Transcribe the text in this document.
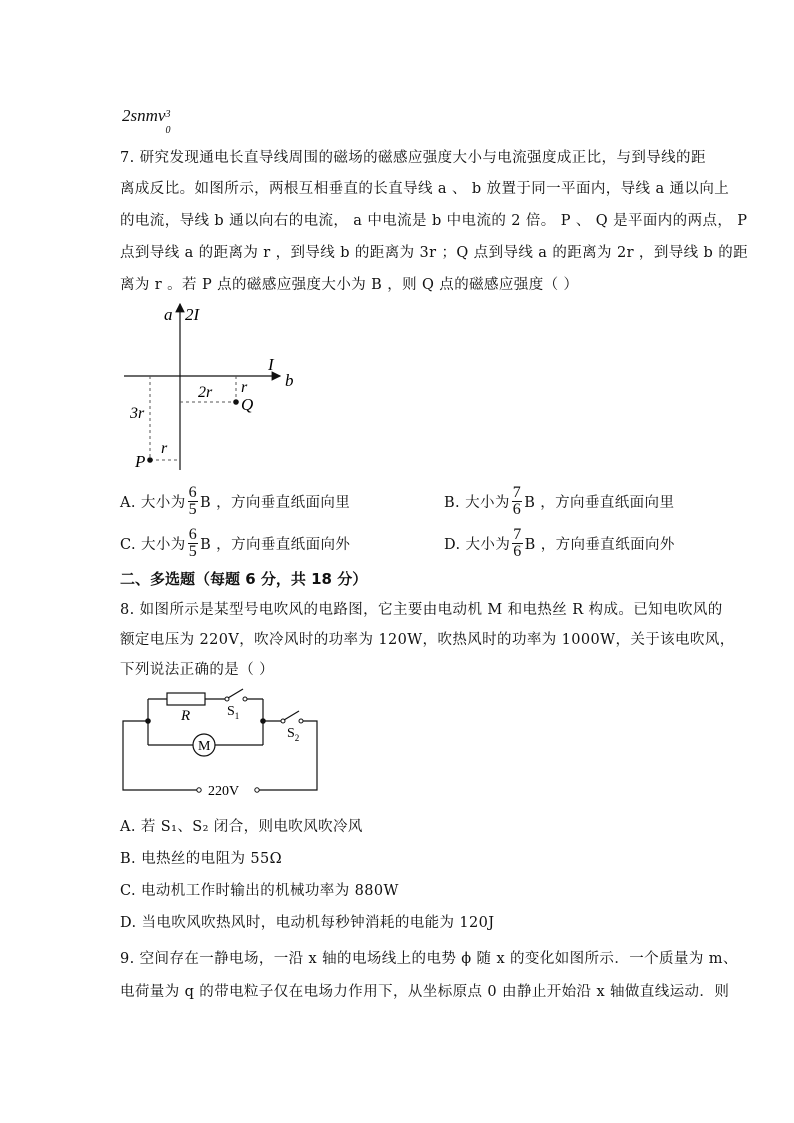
2snmv 3
0
7. 研究发现通电长直导线周围的磁场的磁感应强度大小与电流强度成正比，与到导线的距
离成反比。如图所示，两根互相垂直的长直导线 a 、 b 放置于同一平面内，导线 a 通以向上
的电流，导线 b 通以向右的电流， a 中电流是 b 中电流的 2 倍。 P 、 Q 是平面内的两点， P
点到导线 a 的距离为 r ，到导线 b 的距离为 3r ；Q 点到导线 a 的距离为 2r ，到导线 b 的距
离为 r 。若 P 点的磁感应强度大小为 B ，则 Q 点的磁感应强度（ ）
a 2I
I
b
2r r
Q
3r
r
P
A. 大小为 $\frac{6}{5}$ B ，方向垂直纸面向里	B. 大小为 $\frac{7}{6}$ B ，方向垂直纸面向里
C. 大小为 $\frac{6}{5}$ B ，方向垂直纸面向外	D. 大小为 $\frac{7}{6}$ B ，方向垂直纸面向外
二、多选题（每题 6 分，共 18 分）
8. 如图所示是某型号电吹风的电路图，它主要由电动机 M 和电热丝 R 构成。已知电吹风的
额定电压为 220V，吹冷风时的功率为 120W，吹热风时的功率为 1000W，关于该电吹风，
下列说法正确的是（ ）
R	$S_1$
M
$S_2$
220V
A. 若 S₁、S₂ 闭合，则电吹风吹冷风
B. 电热丝的电阻为 55Ω
C. 电动机工作时输出的机械功率为 880W
D. 当电吹风吹热风时，电动机每秒钟消耗的电能为 120J
9. 空间存在一静电场，一沿 x 轴的电场线上的电势 ϕ 随 x 的变化如图所示．一个质量为 m、
电荷量为 q 的带电粒子仅在电场力作用下，从坐标原点 0 由静止开始沿 x 轴做直线运动．则
